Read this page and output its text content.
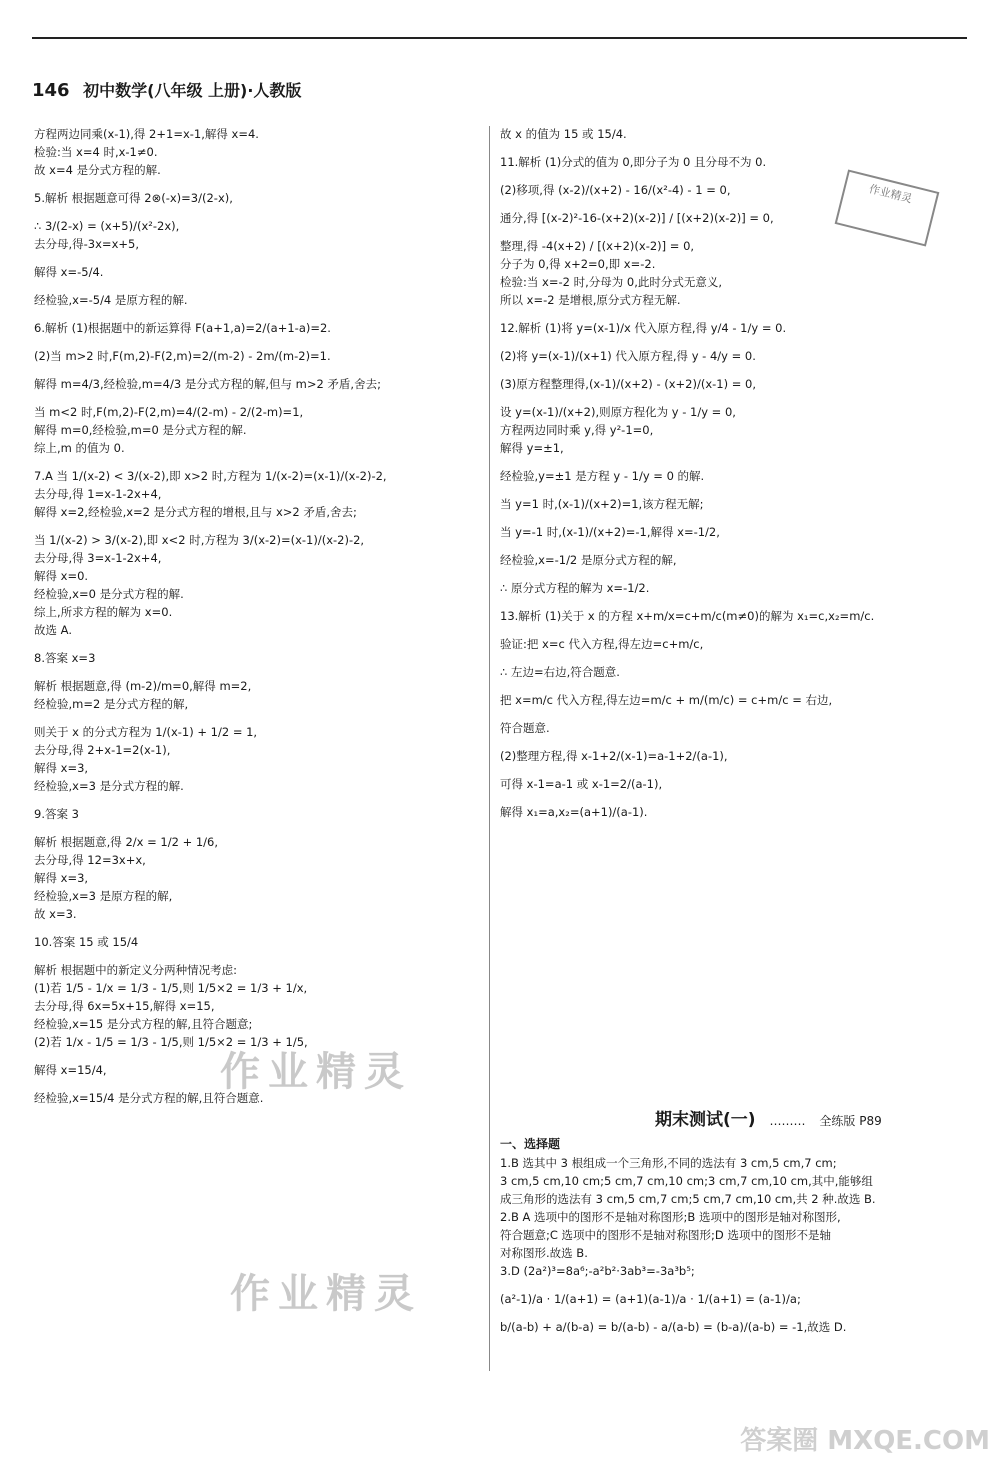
146 初中数学(八年级 上册)·人教版

方程两边同乘(x-1),得 2+1=x-1,解得 x=4.

检验:当 x=4 时,x-1≠0.

故 x=4 是分式方程的解.

5.解析 根据题意可得 2⊗(-x)=3/(2-x),

∴ 3/(2-x) = (x+5)/(x²-2x),

去分母,得-3x=x+5,

解得 x=-5/4.

经检验,x=-5/4 是原方程的解.

6.解析 (1)根据题中的新运算得 F(a+1,a)=2/(a+1-a)=2.

(2)当 m>2 时,F(m,2)-F(2,m)=2/(m-2) - 2m/(m-2)=1.

解得 m=4/3,经检验,m=4/3 是分式方程的解,但与 m>2 矛盾,舍去;

当 m<2 时,F(m,2)-F(2,m)=4/(2-m) - 2/(2-m)=1,

解得 m=0,经检验,m=0 是分式方程的解.

综上,m 的值为 0.

7.A 当 1/(x-2) < 3/(x-2),即 x>2 时,方程为 1/(x-2)=(x-1)/(x-2)-2,

去分母,得 1=x-1-2x+4,

解得 x=2,经检验,x=2 是分式方程的增根,且与 x>2 矛盾,舍去;

当 1/(x-2) > 3/(x-2),即 x<2 时,方程为 3/(x-2)=(x-1)/(x-2)-2,

去分母,得 3=x-1-2x+4,

解得 x=0.

经检验,x=0 是分式方程的解.

综上,所求方程的解为 x=0.

故选 A.

8.答案 x=3

解析 根据题意,得 (m-2)/m=0,解得 m=2,

经检验,m=2 是分式方程的解,

则关于 x 的分式方程为 1/(x-1) + 1/2 = 1,

去分母,得 2+x-1=2(x-1),

解得 x=3,

经检验,x=3 是分式方程的解.

9.答案 3

解析 根据题意,得 2/x = 1/2 + 1/6,

去分母,得 12=3x+x,

解得 x=3,

经检验,x=3 是原方程的解,

故 x=3.

10.答案 15 或 15/4

解析 根据题中的新定义分两种情况考虑:

(1)若 1/5 - 1/x = 1/3 - 1/5,则 1/5×2 = 1/3 + 1/x,

去分母,得 6x=5x+15,解得 x=15,

经检验,x=15 是分式方程的解,且符合题意;

(2)若 1/x - 1/5 = 1/3 - 1/5,则 1/5×2 = 1/3 + 1/5,

解得 x=15/4,

经检验,x=15/4 是分式方程的解,且符合题意.

故 x 的值为 15 或 15/4.

11.解析 (1)分式的值为 0,即分子为 0 且分母不为 0.

(2)移项,得 (x-2)/(x+2) - 16/(x²-4) - 1 = 0,

通分,得 [(x-2)²-16-(x+2)(x-2)] / [(x+2)(x-2)] = 0,

整理,得 -4(x+2) / [(x+2)(x-2)] = 0,

分子为 0,得 x+2=0,即 x=-2.

检验:当 x=-2 时,分母为 0,此时分式无意义,

所以 x=-2 是增根,原分式方程无解.

12.解析 (1)将 y=(x-1)/x 代入原方程,得 y/4 - 1/y = 0.

(2)将 y=(x-1)/(x+1) 代入原方程,得 y - 4/y = 0.

(3)原方程整理得,(x-1)/(x+2) - (x+2)/(x-1) = 0,

设 y=(x-1)/(x+2),则原方程化为 y - 1/y = 0,

方程两边同时乘 y,得 y²-1=0,

解得 y=±1,

经检验,y=±1 是方程 y - 1/y = 0 的解.

当 y=1 时,(x-1)/(x+2)=1,该方程无解;

当 y=-1 时,(x-1)/(x+2)=-1,解得 x=-1/2,

经检验,x=-1/2 是原分式方程的解,

∴ 原分式方程的解为 x=-1/2.

13.解析 (1)关于 x 的方程 x+m/x=c+m/c(m≠0)的解为 x₁=c,x₂=m/c.

验证:把 x=c 代入方程,得左边=c+m/c,

∴ 左边=右边,符合题意.

把 x=m/c 代入方程,得左边=m/c + m/(m/c) = c+m/c = 右边,

符合题意.

(2)整理方程,得 x-1+2/(x-1)=a-1+2/(a-1),

可得 x-1=a-1 或 x-1=2/(a-1),

解得 x₁=a,x₂=(a+1)/(a-1).

期末测试(一) ……… 全练版 P89
一、选择题

1.B 选其中 3 根组成一个三角形,不同的选法有 3 cm,5 cm,7 cm;

3 cm,5 cm,10 cm;5 cm,7 cm,10 cm;3 cm,7 cm,10 cm,其中,能够组

成三角形的选法有 3 cm,5 cm,7 cm;5 cm,7 cm,10 cm,共 2 种.故选 B.

2.B A 选项中的图形不是轴对称图形;B 选项中的图形是轴对称图形,

符合题意;C 选项中的图形不是轴对称图形;D 选项中的图形不是轴

对称图形.故选 B.

3.D (2a²)³=8a⁶;-a²b²·3ab³=-3a³b⁵;

(a²-1)/a · 1/(a+1) = (a+1)(a-1)/a · 1/(a+1) = (a-1)/a;

b/(a-b) + a/(b-a) = b/(a-b) - a/(a-b) = (b-a)/(a-b) = -1,故选 D.

作业精灵
作业精灵
作业精灵
答案圈 MXQE.COM
